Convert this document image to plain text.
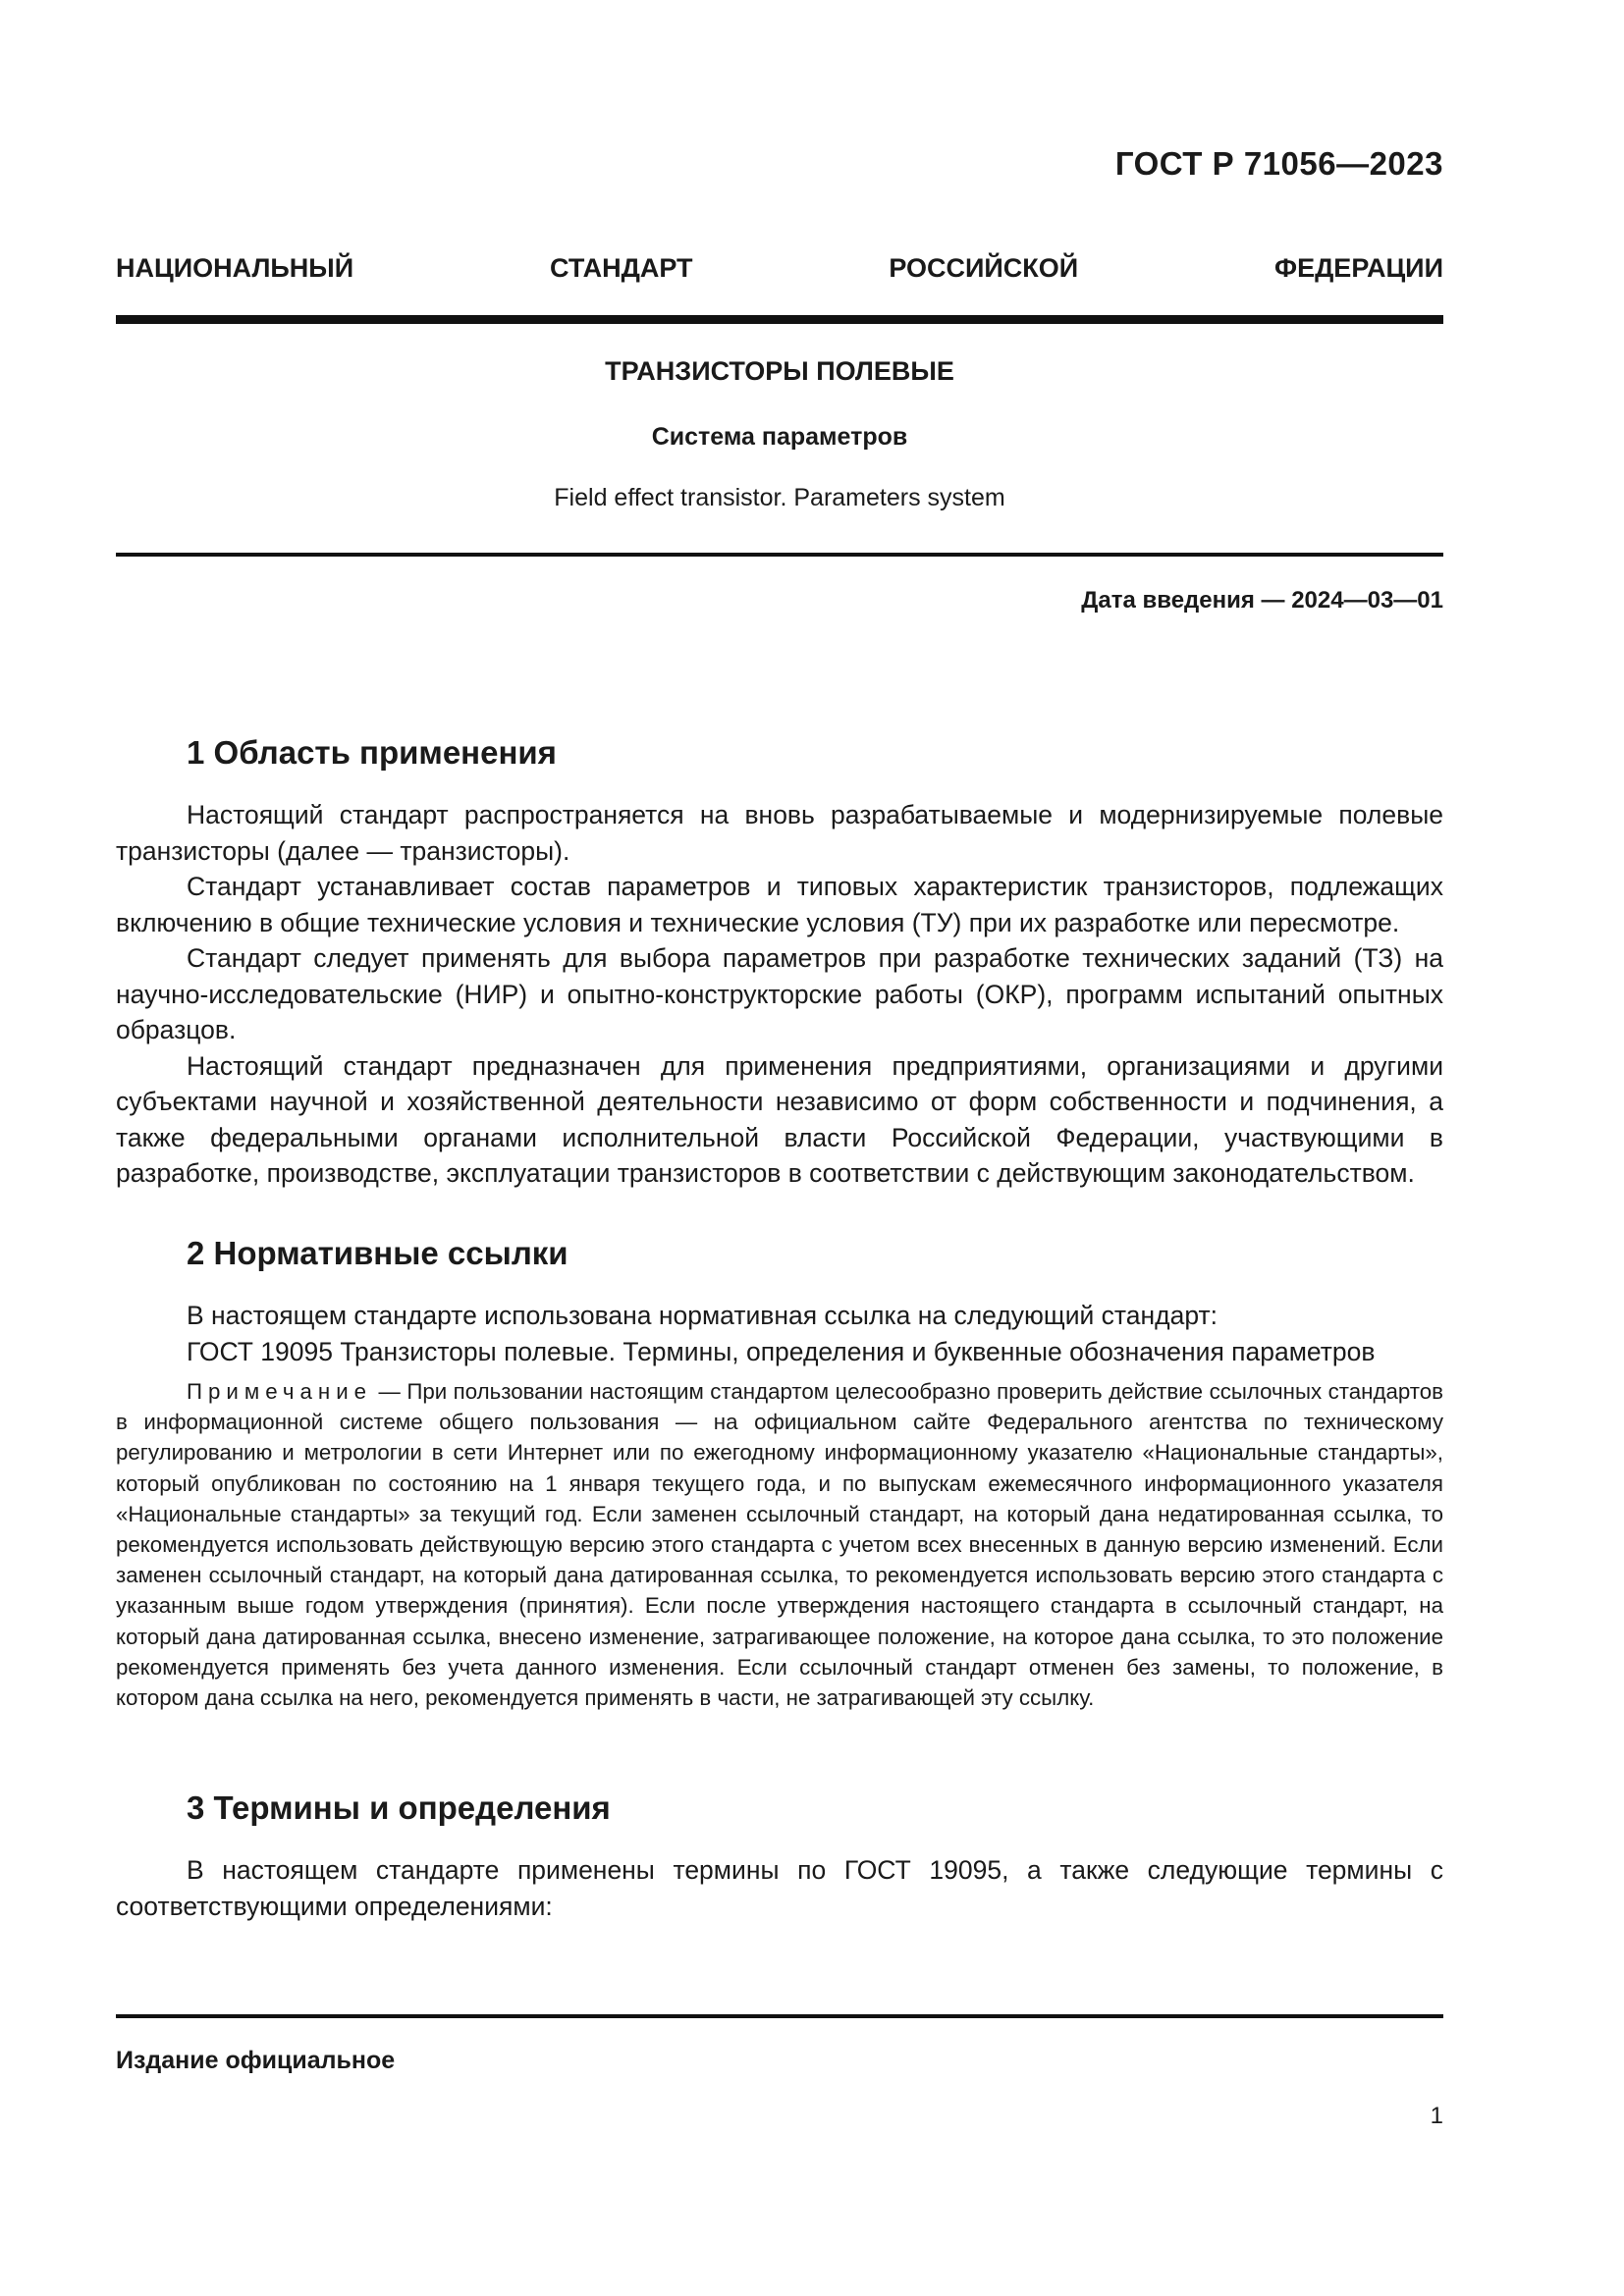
ГОСТ Р 71056—2023
НАЦИОНАЛЬНЫЙ СТАНДАРТ РОССИЙСКОЙ ФЕДЕРАЦИИ
ТРАНЗИСТОРЫ ПОЛЕВЫЕ
Система параметров
Field effect transistor. Parameters system
Дата введения — 2024—03—01
1 Область применения

Настоящий стандарт распространяется на вновь разрабатываемые и модернизируемые полевые транзисторы (далее — транзисторы).

Стандарт устанавливает состав параметров и типовых характеристик транзисторов, подлежащих включению в общие технические условия и технические условия (ТУ) при их разработке или пересмотре.

Стандарт следует применять для выбора параметров при разработке технических заданий (ТЗ) на научно-исследовательские (НИР) и опытно-конструкторские работы (ОКР), программ испытаний опытных образцов.

Настоящий стандарт предназначен для применения предприятиями, организациями и другими субъектами научной и хозяйственной деятельности независимо от форм собственности и подчинения, а также федеральными органами исполнительной власти Российской Федерации, участвующими в разработке, производстве, эксплуатации транзисторов в соответствии с действующим законодательством.

2 Нормативные ссылки

В настоящем стандарте использована нормативная ссылка на следующий стандарт:

ГОСТ 19095 Транзисторы полевые. Термины, определения и буквенные обозначения параметров

Примечание — При пользовании настоящим стандартом целесообразно проверить действие ссылочных стандартов в информационной системе общего пользования — на официальном сайте Федерального агентства по техническому регулированию и метрологии в сети Интернет или по ежегодному информационному указателю «Национальные стандарты», который опубликован по состоянию на 1 января текущего года, и по выпускам ежемесячного информационного указателя «Национальные стандарты» за текущий год. Если заменен ссылочный стандарт, на который дана недатированная ссылка, то рекомендуется использовать действующую версию этого стандарта с учетом всех внесенных в данную версию изменений. Если заменен ссылочный стандарт, на который дана датированная ссылка, то рекомендуется использовать версию этого стандарта с указанным выше годом утверждения (принятия). Если после утверждения настоящего стандарта в ссылочный стандарт, на который дана датированная ссылка, внесено изменение, затрагивающее положение, на которое дана ссылка, то это положение рекомендуется применять без учета данного изменения. Если ссылочный стандарт отменен без замены, то положение, в котором дана ссылка на него, рекомендуется применять в части, не затрагивающей эту ссылку.

3 Термины и определения

В настоящем стандарте применены термины по ГОСТ 19095, а также следующие термины с соответствующими определениями:

Издание официальное
1
